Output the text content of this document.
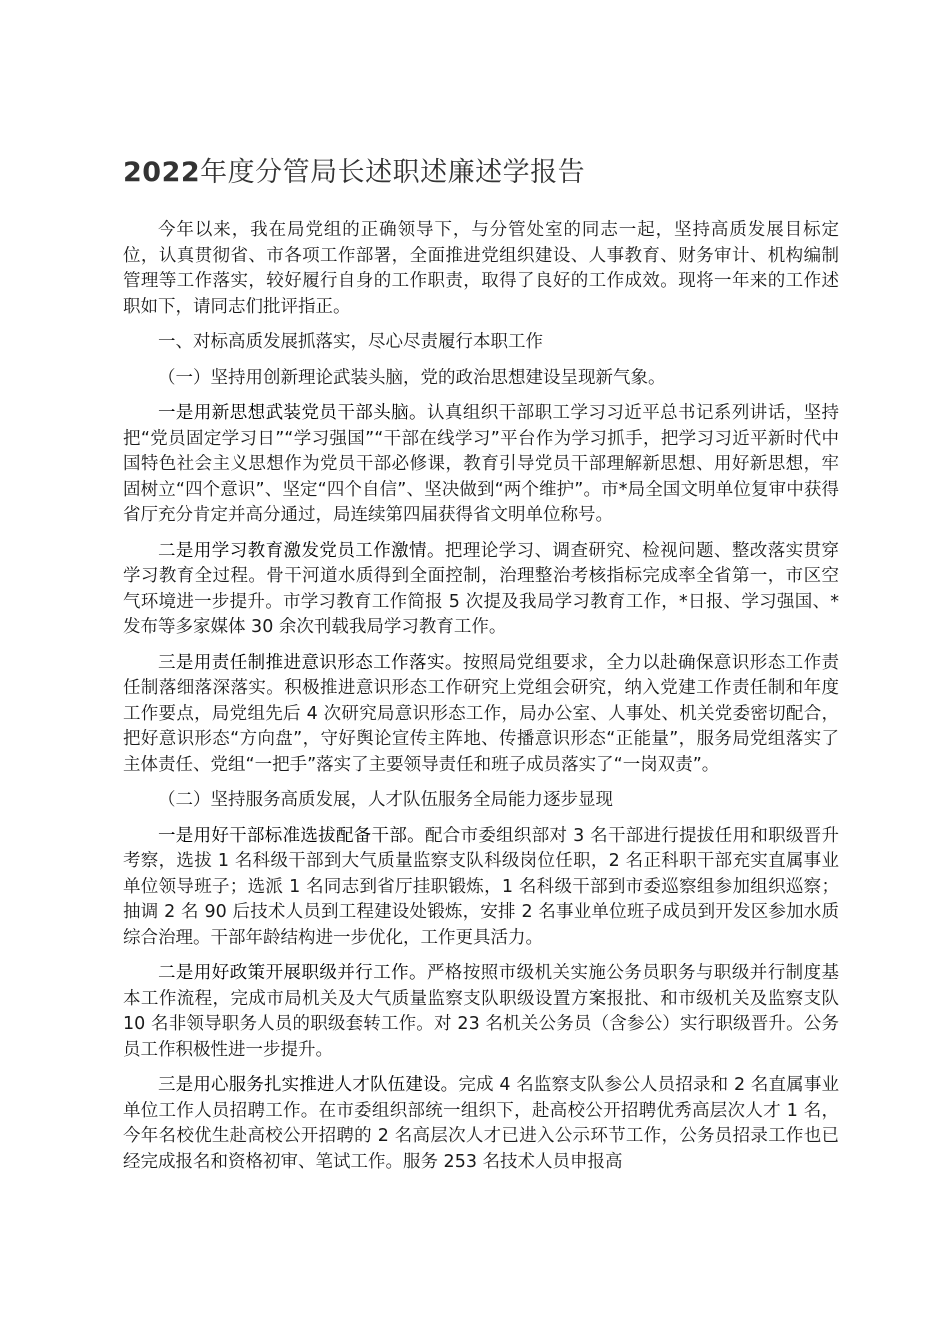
2022年度分管局长述职述廉述学报告

今年以来，我在局党组的正确领导下，与分管处室的同志一起，坚持高质发展目标定位，认真贯彻省、市各项工作部署，全面推进党组织建设、人事教育、财务审计、机构编制管理等工作落实，较好履行自身的工作职责，取得了良好的工作成效。现将一年来的工作述职如下，请同志们批评指正。

一、对标高质发展抓落实，尽心尽责履行本职工作

（一）坚持用创新理论武装头脑，党的政治思想建设呈现新气象。

一是用新思想武装党员干部头脑。认真组织干部职工学习习近平总书记系列讲话，坚持把“党员固定学习日”“学习强国”“干部在线学习”平台作为学习抓手，把学习习近平新时代中国特色社会主义思想作为党员干部必修课，教育引导党员干部理解新思想、用好新思想，牢固树立“四个意识”、坚定“四个自信”、坚决做到“两个维护”。市*局全国文明单位复审中获得省厅充分肯定并高分通过，局连续第四届获得省文明单位称号。

二是用学习教育激发党员工作激情。把理论学习、调查研究、检视问题、整改落实贯穿学习教育全过程。骨干河道水质得到全面控制，治理整治考核指标完成率全省第一，市区空气环境进一步提升。市学习教育工作简报 5 次提及我局学习教育工作，*日报、学习强国、*发布等多家媒体 30 余次刊载我局学习教育工作。

三是用责任制推进意识形态工作落实。按照局党组要求，全力以赴确保意识形态工作责任制落细落深落实。积极推进意识形态工作研究上党组会研究，纳入党建工作责任制和年度工作要点，局党组先后 4 次研究局意识形态工作，局办公室、人事处、机关党委密切配合，把好意识形态“方向盘”，守好舆论宣传主阵地、传播意识形态“正能量”，服务局党组落实了主体责任、党组“一把手”落实了主要领导责任和班子成员落实了“一岗双责”。

（二）坚持服务高质发展，人才队伍服务全局能力逐步显现

一是用好干部标准选拔配备干部。配合市委组织部对 3 名干部进行提拔任用和职级晋升考察，选拔 1 名科级干部到大气质量监察支队科级岗位任职，2 名正科职干部充实直属事业单位领导班子；选派 1 名同志到省厅挂职锻炼，1 名科级干部到市委巡察组参加组织巡察；抽调 2 名 90 后技术人员到工程建设处锻炼，安排 2 名事业单位班子成员到开发区参加水质综合治理。干部年龄结构进一步优化，工作更具活力。

二是用好政策开展职级并行工作。严格按照市级机关实施公务员职务与职级并行制度基本工作流程，完成市局机关及大气质量监察支队职级设置方案报批、和市级机关及监察支队 10 名非领导职务人员的职级套转工作。对 23 名机关公务员（含参公）实行职级晋升。公务员工作积极性进一步提升。

三是用心服务扎实推进人才队伍建设。完成 4 名监察支队参公人员招录和 2 名直属事业单位工作人员招聘工作。在市委组织部统一组织下，赴高校公开招聘优秀高层次人才 1 名，今年名校优生赴高校公开招聘的 2 名高层次人才已进入公示环节工作，公务员招录工作也已经完成报名和资格初审、笔试工作。服务 253 名技术人员申报高
